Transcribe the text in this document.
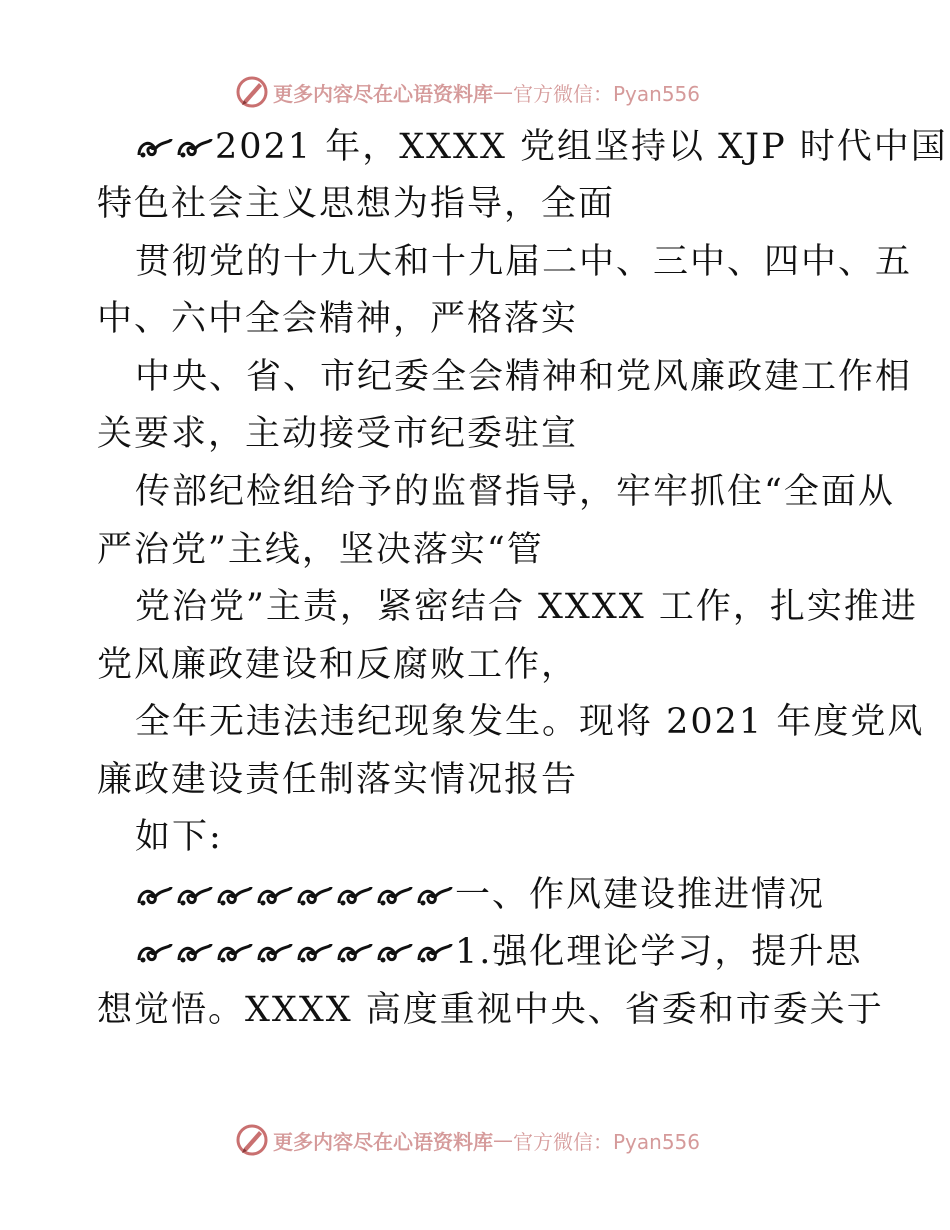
更多内容尽在心语资料库 — 官方微信：Pyan556
2021 年，XXXX 党组坚持以 XJP 时代中国
特色社会主义思想为指导，全面
贯彻党的十九大和十九届二中、三中、四中、五
中、六中全会精神，严格落实
中央、省、市纪委全会精神和党风廉政建工作相
关要求，主动接受市纪委驻宣
传部纪检组给予的监督指导，牢牢抓住“全面从
严治党”主线，坚决落实“管
党治党”主责，紧密结合 XXXX 工作，扎实推进
党风廉政建设和反腐败工作，
全年无违法违纪现象发生。现将 2021 年度党风
廉政建设责任制落实情况报告
如下:
一、作风建设推进情况
1.强化理论学习，提升思
想觉悟。XXXX 高度重视中央、省委和市委关于
更多内容尽在心语资料库 — 官方微信：Pyan556
